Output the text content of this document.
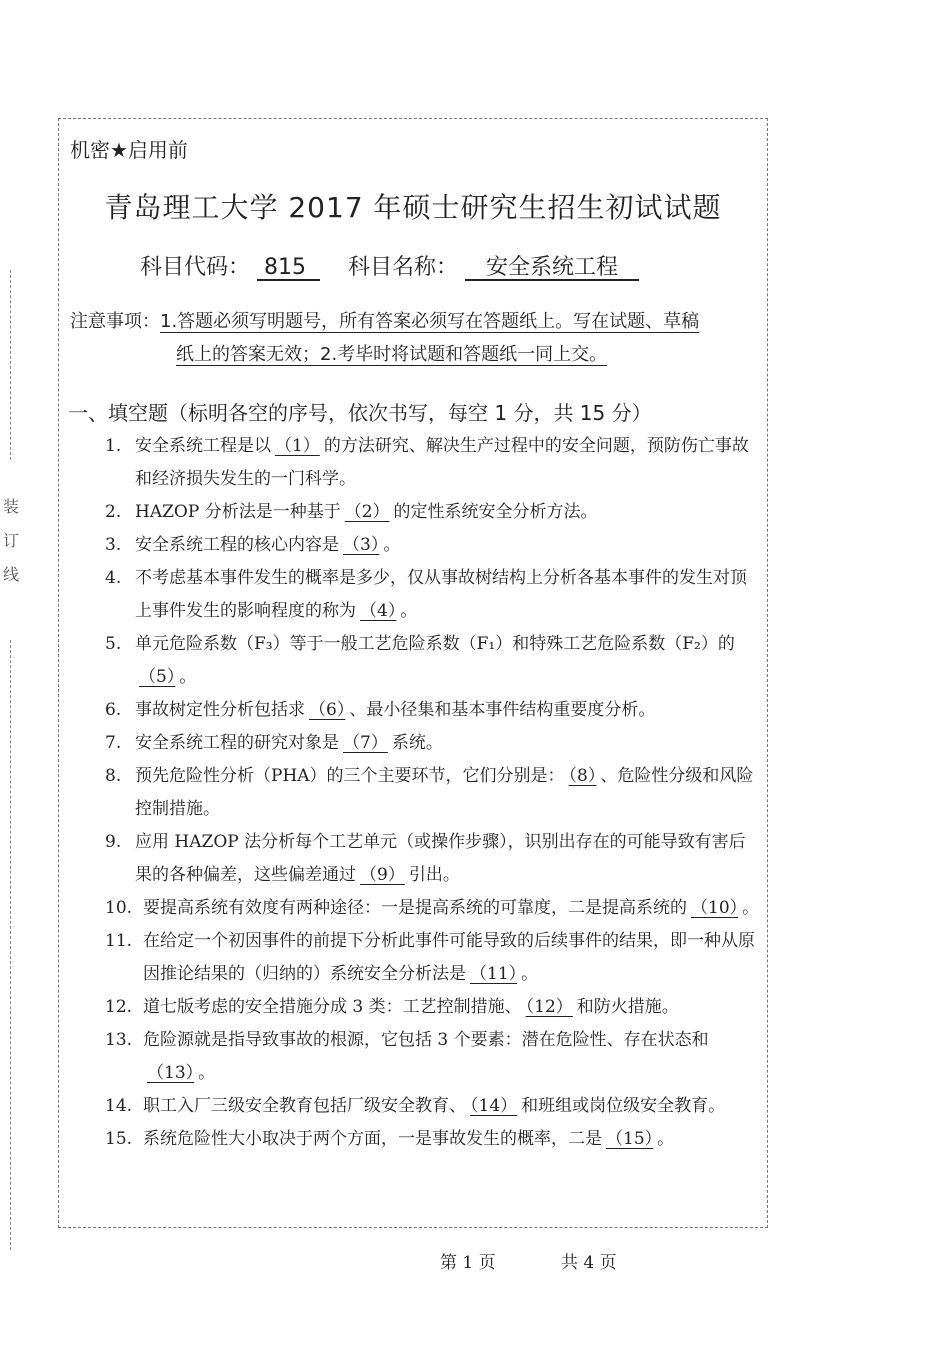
装 订 线
机密★启用前
青岛理工大学 2017 年硕士研究生招生初试试题
科目代码： 815 科目名称： 安全系统工程
注意事项：1.答题必须写明题号，所有答案必须写在答题纸上。写在试题、草稿
纸上的答案无效；2.考毕时将试题和答题纸一同上交。
一、填空题（标明各空的序号，依次书写，每空 1 分，共 15 分）
1. 安全系统工程是以 （1） 的方法研究、解决生产过程中的安全问题，预防伤亡事故和经济损失发生的一门科学。
2. HAZOP 分析法是一种基于 （2） 的定性系统安全分析方法。
3. 安全系统工程的核心内容是 （3） 。
4. 不考虑基本事件发生的概率是多少，仅从事故树结构上分析各基本事件的发生对顶上事件发生的影响程度的称为 （4） 。
5. 单元危险系数（F₃）等于一般工艺危险系数（F₁）和特殊工艺危险系数（F₂）的（5） 。
6. 事故树定性分析包括求 （6） 、最小径集和基本事件结构重要度分析。
7. 安全系统工程的研究对象是 （7） 系统。
8. 预先危险性分析（PHA）的三个主要环节，它们分别是： （8） 、危险性分级和风险控制措施。
9. 应用 HAZOP 法分析每个工艺单元（或操作步骤），识别出存在的可能导致有害后果的各种偏差，这些偏差通过 （9） 引出。
10. 要提高系统有效度有两种途径：一是提高系统的可靠度，二是提高系统的 （10） 。
11. 在给定一个初因事件的前提下分析此事件可能导致的后续事件的结果，即一种从原因推论结果的（归纳的）系统安全分析法是 （11） 。
12. 道七版考虑的安全措施分成 3 类：工艺控制措施、 （12） 和防火措施。
13. 危险源就是指导致事故的根源，它包括 3 个要素：潜在危险性、存在状态和（13） 。
14. 职工入厂三级安全教育包括厂级安全教育、 （14） 和班组或岗位级安全教育。
15. 系统危险性大小取决于两个方面，一是事故发生的概率，二是 （15） 。
第 1 页	共 4 页
